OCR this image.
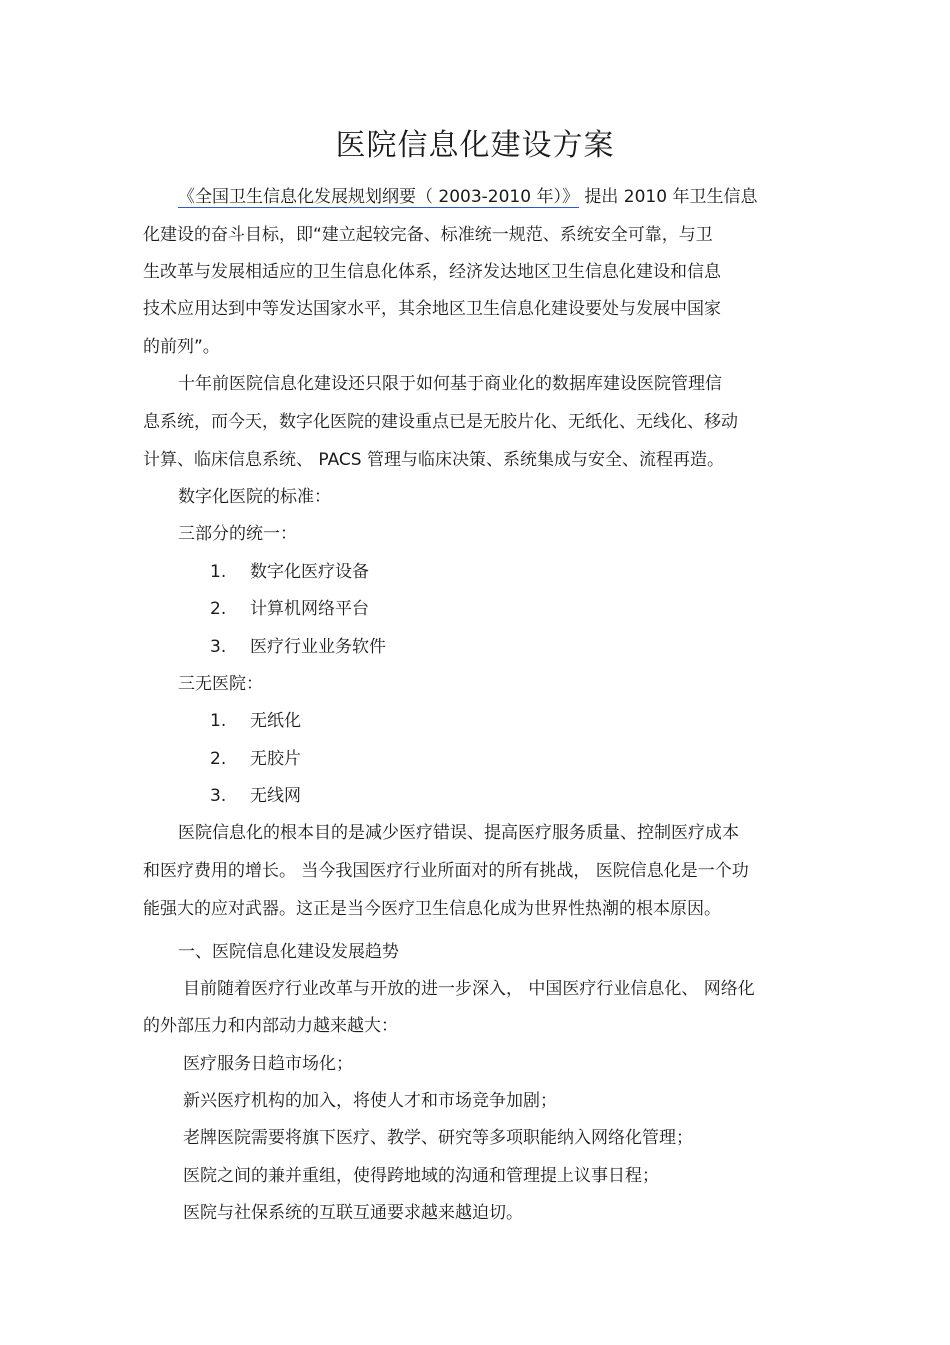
医院信息化建设方案
《全国卫生信息化发展规划纲要（ 2003-2010 年）》 提出 2010 年卫生信息
化建设的奋斗目标，即“建立起较完备、标准统一规范、系统安全可靠，与卫
生改革与发展相适应的卫生信息化体系，经济发达地区卫生信息化建设和信息
技术应用达到中等发达国家水平，其余地区卫生信息化建设要处与发展中国家
的前列”。
十年前医院信息化建设还只限于如何基于商业化的数据库建设医院管理信
息系统，而今天，数字化医院的建设重点已是无胶片化、无纸化、无线化、移动
计算、临床信息系统、 PACS 管理与临床决策、系统集成与安全、流程再造。
数字化医院的标准：
三部分的统一：
1. 数字化医疗设备
2. 计算机网络平台
3. 医疗行业业务软件
三无医院：
1. 无纸化
2. 无胶片
3. 无线网
医院信息化的根本目的是减少医疗错误、提高医疗服务质量、控制医疗成本
和医疗费用的增长。 当今我国医疗行业所面对的所有挑战， 医院信息化是一个功
能强大的应对武器。这正是当今医疗卫生信息化成为世界性热潮的根本原因。
一、医院信息化建设发展趋势
目前随着医疗行业改革与开放的进一步深入， 中国医疗行业信息化、 网络化
的外部压力和内部动力越来越大：
医疗服务日趋市场化；
新兴医疗机构的加入，将使人才和市场竞争加剧；
老牌医院需要将旗下医疗、教学、研究等多项职能纳入网络化管理；
医院之间的兼并重组，使得跨地域的沟通和管理提上议事日程；
医院与社保系统的互联互通要求越来越迫切。
